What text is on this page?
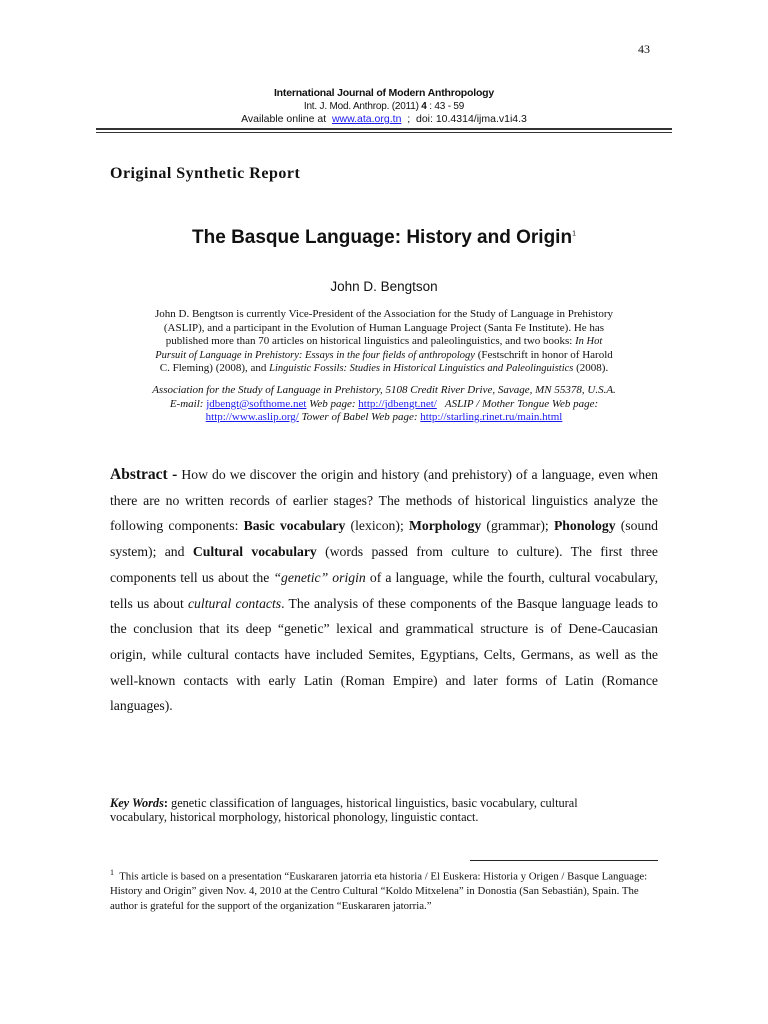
43
International Journal of Modern Anthropology
Int. J. Mod. Anthrop. (2011) 4 : 43 - 59
Available online at  www.ata.org.tn  ;  doi: 10.4314/ijma.v1i4.3
Original Synthetic Report
The Basque Language: History and Origin$^1$
John D. Bengtson
John D. Bengtson is currently Vice-President of the Association for the Study of Language in Prehistory (ASLIP), and a participant in the Evolution of Human Language Project (Santa Fe Institute). He has published more than 70 articles on historical linguistics and paleolinguistics, and two books: In Hot Pursuit of Language in Prehistory: Essays in the four fields of anthropology (Festschrift in honor of Harold C. Fleming) (2008), and Linguistic Fossils: Studies in Historical Linguistics and Paleolinguistics (2008).
Association for the Study of Language in Prehistory, 5108 Credit River Drive, Savage, MN 55378, U.S.A.
E-mail: jdbengt@softhome.net Web page: http://jdbengt.net/   ASLIP / Mother Tongue Web page:
http://www.aslip.org/ Tower of Babel Web page: http://starling.rinet.ru/main.html
Abstract - How do we discover the origin and history (and prehistory) of a language, even when there are no written records of earlier stages? The methods of historical linguistics analyze the following components: Basic vocabulary (lexicon); Morphology (grammar); Phonology (sound system); and Cultural vocabulary (words passed from culture to culture). The first three components tell us about the “genetic” origin of a language, while the fourth, cultural vocabulary, tells us about cultural contacts. The analysis of these components of the Basque language leads to the conclusion that its deep “genetic” lexical and grammatical structure is of Dene-Caucasian origin, while cultural contacts have included Semites, Egyptians, Celts, Germans, as well as the well-known contacts with early Latin (Roman Empire) and later forms of Latin (Romance languages).
Key Words: genetic classification of languages, historical linguistics, basic vocabulary, cultural vocabulary, historical morphology, historical phonology, linguistic contact.
$^1$  This article is based on a presentation “Euskararen jatorria eta historia / El Euskera: Historia y Origen / Basque Language: History and Origin” given Nov. 4, 2010 at the Centro Cultural “Koldo Mitxelena” in Donostia (San Sebastián), Spain. The author is grateful for the support of the organization “Euskararen jatorria.”
